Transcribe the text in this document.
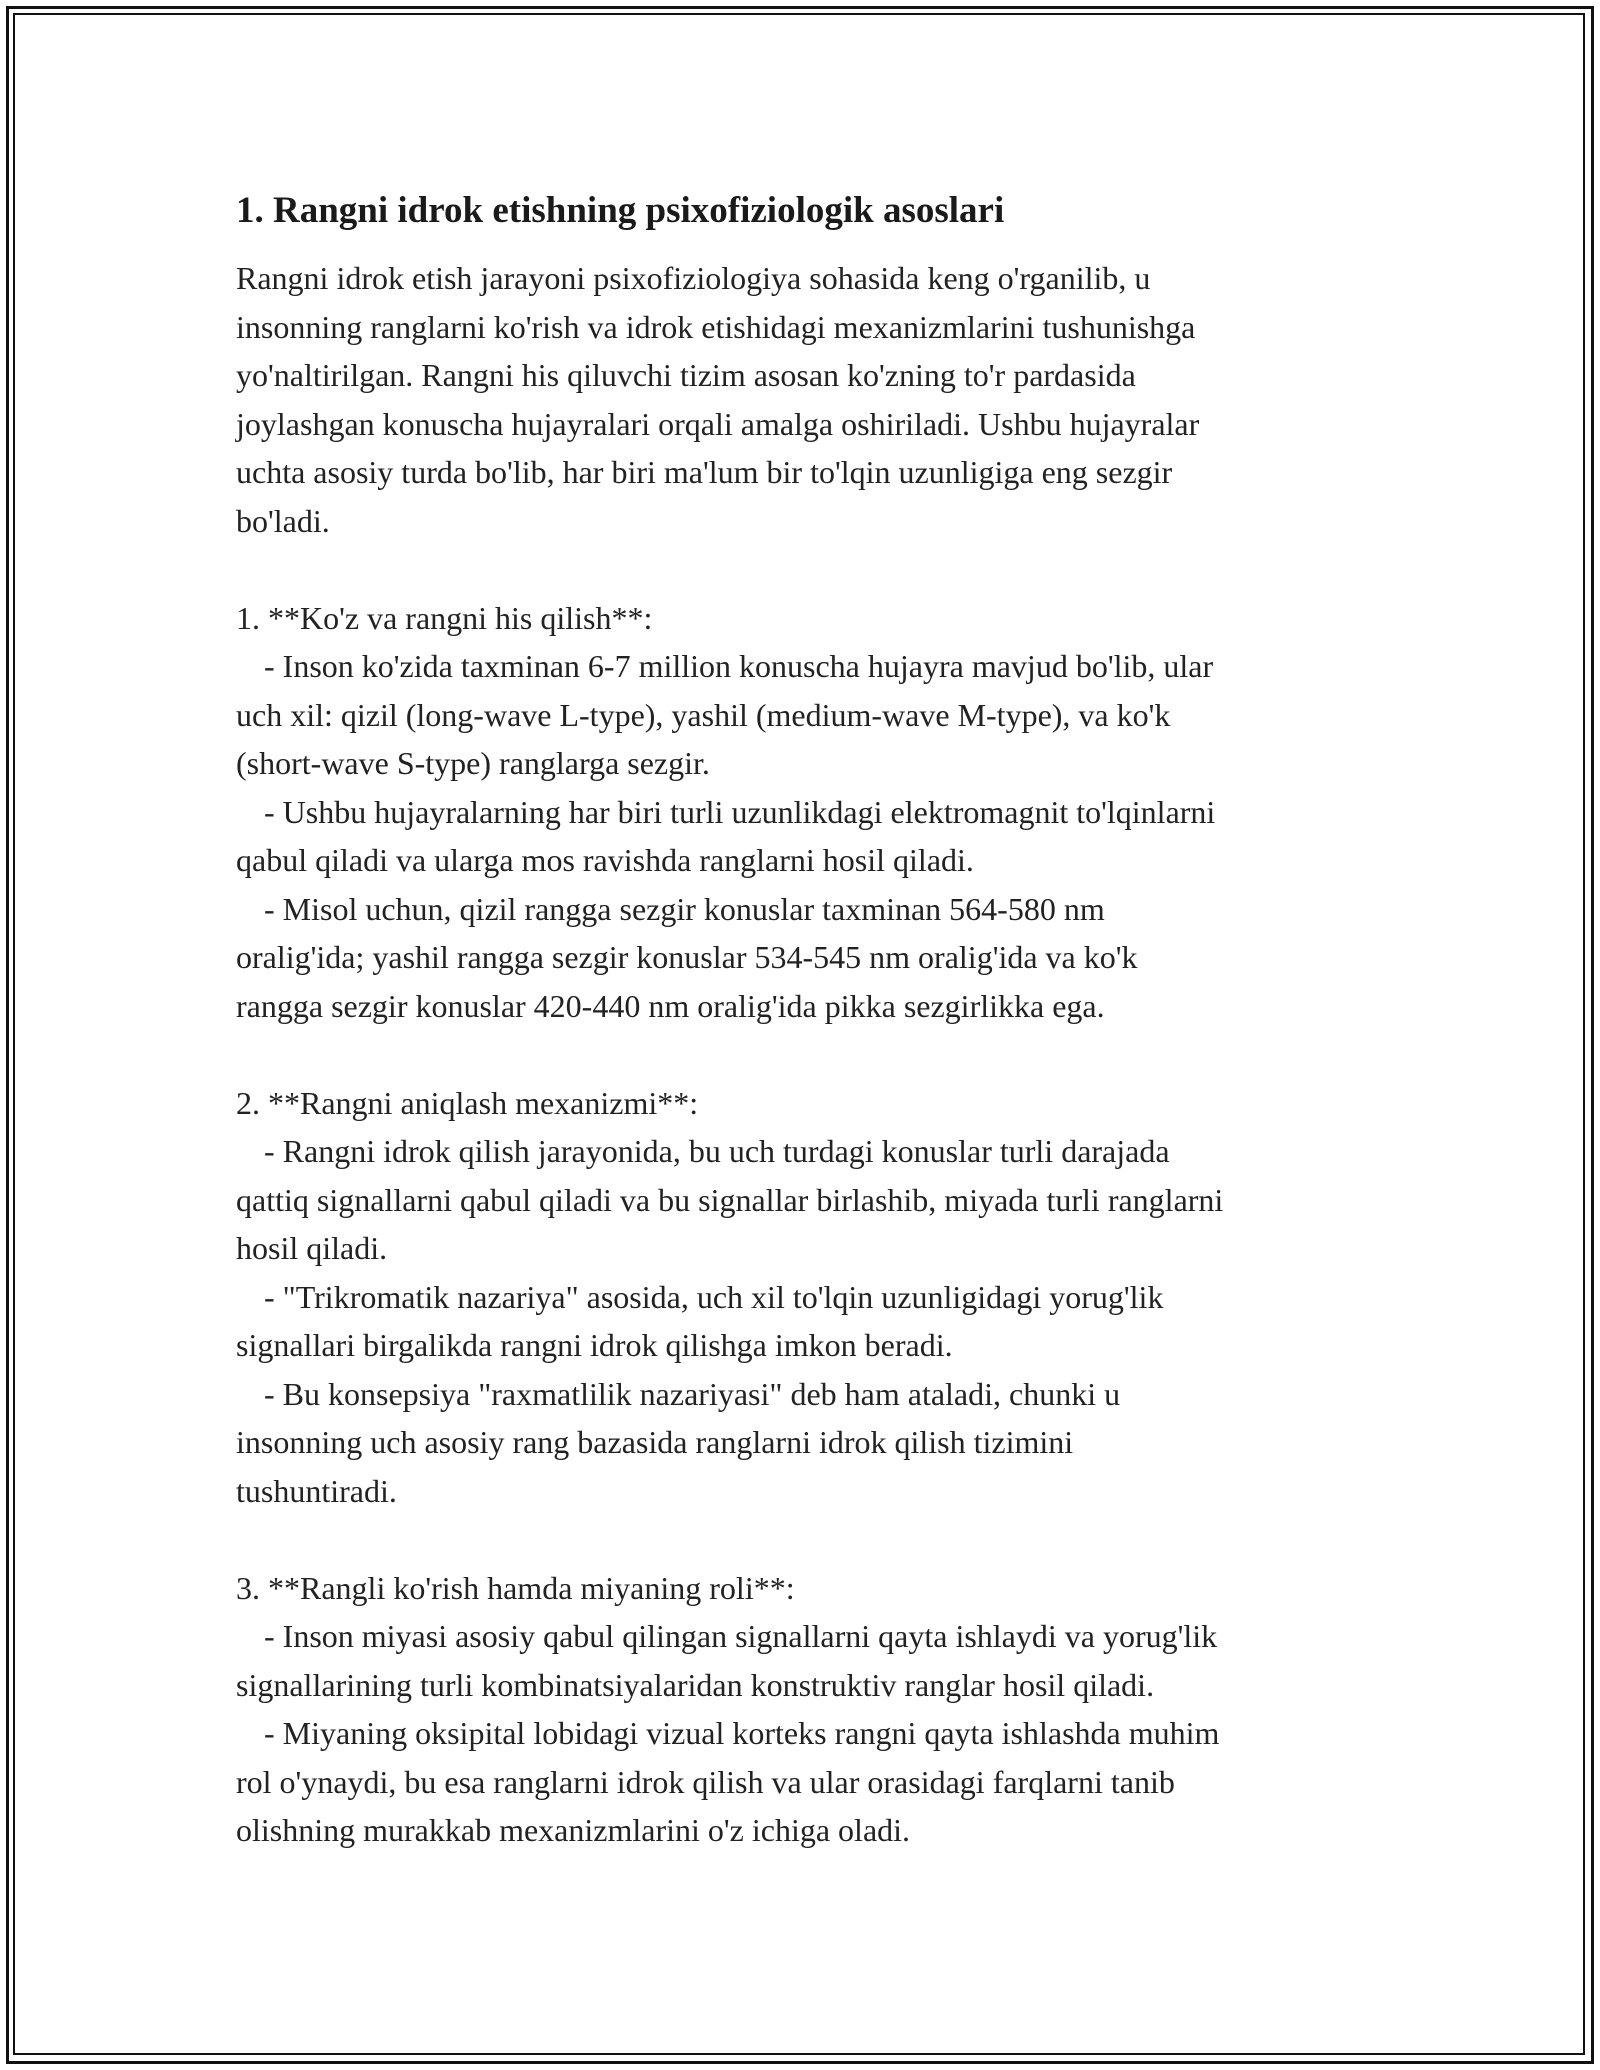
1. Rangni idrok etishning psixofiziologik asoslari

Rangni idrok etish jarayoni psixofiziologiya sohasida keng o'rganilib, u
insonning ranglarni ko'rish va idrok etishidagi mexanizmlarini tushunishga
yo'naltirilgan. Rangni his qiluvchi tizim asosan ko'zning to'r pardasida
joylashgan konuscha hujayralari orqali amalga oshiriladi. Ushbu hujayralar
uchta asosiy turda bo'lib, har biri ma'lum bir to'lqin uzunligiga eng sezgir
bo'ladi.

1. **Ko'z va rangni his qilish**:

- Inson ko'zida taxminan 6-7 million konuscha hujayra mavjud bo'lib, ular
uch xil: qizil (long-wave L-type), yashil (medium-wave M-type), va ko'k
(short-wave S-type) ranglarga sezgir.

- Ushbu hujayralarning har biri turli uzunlikdagi elektromagnit to'lqinlarni
qabul qiladi va ularga mos ravishda ranglarni hosil qiladi.

- Misol uchun, qizil rangga sezgir konuslar taxminan 564-580 nm
oralig'ida; yashil rangga sezgir konuslar 534-545 nm oralig'ida va ko'k
rangga sezgir konuslar 420-440 nm oralig'ida pikka sezgirlikka ega.

2. **Rangni aniqlash mexanizmi**:

- Rangni idrok qilish jarayonida, bu uch turdagi konuslar turli darajada
qattiq signallarni qabul qiladi va bu signallar birlashib, miyada turli ranglarni
hosil qiladi.

- "Trikromatik nazariya" asosida, uch xil to'lqin uzunligidagi yorug'lik
signallari birgalikda rangni idrok qilishga imkon beradi.

- Bu konsepsiya "raxmatlilik nazariyasi" deb ham ataladi, chunki u
insonning uch asosiy rang bazasida ranglarni idrok qilish tizimini
tushuntiradi.

3. **Rangli ko'rish hamda miyaning roli**:

- Inson miyasi asosiy qabul qilingan signallarni qayta ishlaydi va yorug'lik
signallarining turli kombinatsiyalaridan konstruktiv ranglar hosil qiladi.

- Miyaning oksipital lobidagi vizual korteks rangni qayta ishlashda muhim
rol o'ynaydi, bu esa ranglarni idrok qilish va ular orasidagi farqlarni tanib
olishning murakkab mexanizmlarini o'z ichiga oladi.
